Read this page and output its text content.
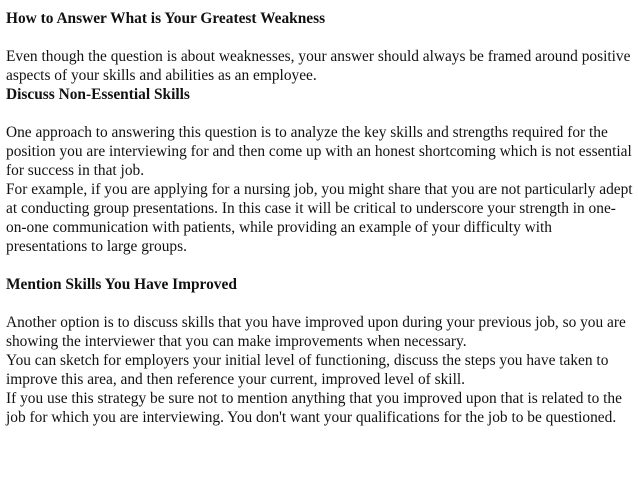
How to Answer What is Your Greatest Weakness

Even though the question is about weaknesses, your answer should always be framed around positive aspects of your skills and abilities as an employee.

Discuss Non-Essential Skills

One approach to answering this question is to analyze the key skills and strengths required for the position you are interviewing for and then come up with an honest shortcoming which is not essential for success in that job.

For example, if you are applying for a nursing job, you might share that you are not particularly adept at conducting group presentations. In this case it will be critical to underscore your strength in one-on-one communication with patients, while providing an example of your difficulty with presentations to large groups.

Mention Skills You Have Improved

Another option is to discuss skills that you have improved upon during your previous job, so you are showing the interviewer that you can make improvements when necessary.

You can sketch for employers your initial level of functioning, discuss the steps you have taken to improve this area, and then reference your current, improved level of skill.

If you use this strategy be sure not to mention anything that you improved upon that is related to the job for which you are interviewing. You don't want your qualifications for the job to be questioned.
